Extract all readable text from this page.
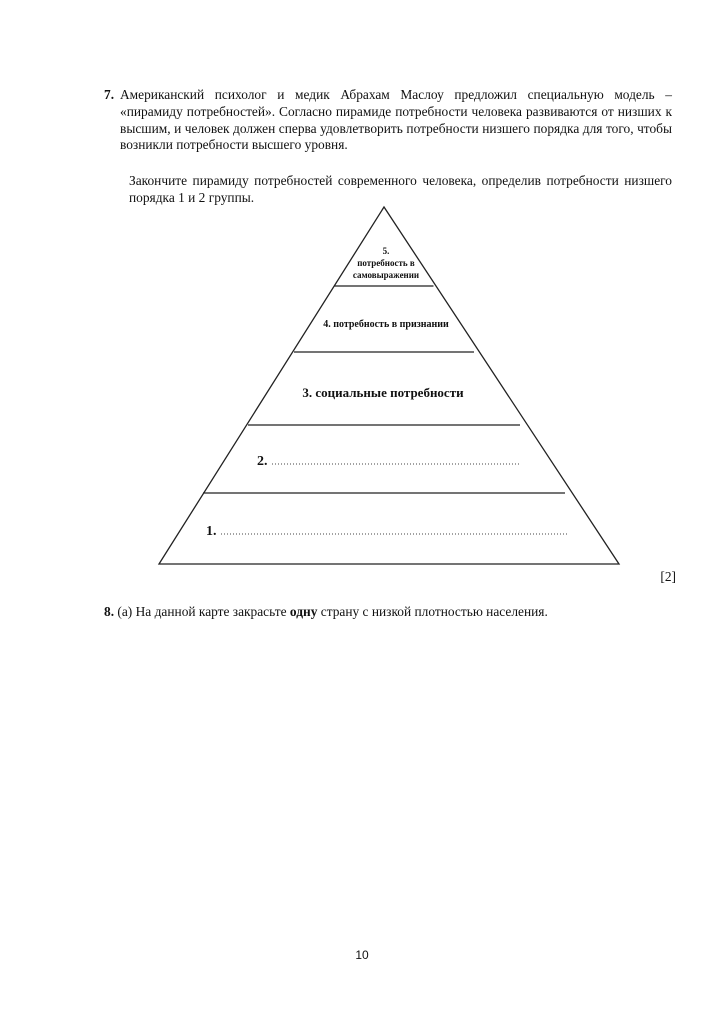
7. Американский психолог и медик Абрахам Маслоу предложил специальную модель – «пирамиду потребностей». Согласно пирамиде потребности человека развиваются от низших к высшим, и человек должен сперва удовлетворить потребности низшего порядка для того, чтобы возникли потребности высшего уровня.
Закончите пирамиду потребностей современного человека, определив потребности низшего порядка 1 и 2 группы.
5.
потребность в
самовыражении
4. потребность в признании
3. социальные потребности
2.
1.
[2]
8. (a) На данной карте закрасьте одну страну с низкой плотностью населения.
10
